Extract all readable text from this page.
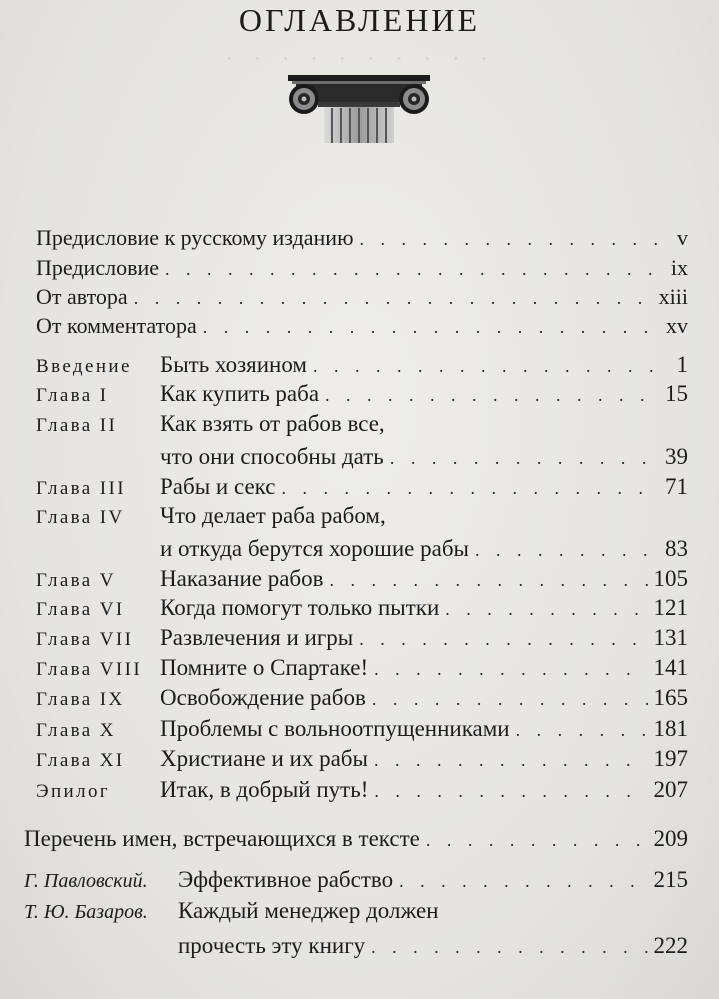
ОГЛАВЛЕНИЕ
· · · · · · · · · ·
Предисловие к русскому изданию . . .	v
Предисловие . . .	ix
От автора . . .	xiii
От комментатора . . .	xv
Введение	Быть хозяином . . .	1
Глава I	Как купить раба . . .	15
Глава II	Как взять от рабов все,
что они способны дать . . .	39
Глава III	Рабы и секс . . .	71
Глава IV	Что делает раба рабом,
и откуда берутся хорошие рабы . . .	83
Глава V	Наказание рабов . . .	105
Глава VI	Когда помогут только пытки . . .	121
Глава VII	Развлечения и игры . . .	131
Глава VIII Помните о Спартаке! . . .	141
Глава IX	Освобождение рабов . . .	165
Глава X	Проблемы с вольноотпущенниками . . .	181
Глава XI	Христиане и их рабы . . .	197
Эпилог	Итак, в добрый путь! . . .	207
Перечень имен, встречающихся в тексте . . .	209
Г. Павловский.	Эффективное рабство . . .	215
Т. Ю. Базаров.	Каждый менеджер должен
прочесть эту книгу . . .	222
